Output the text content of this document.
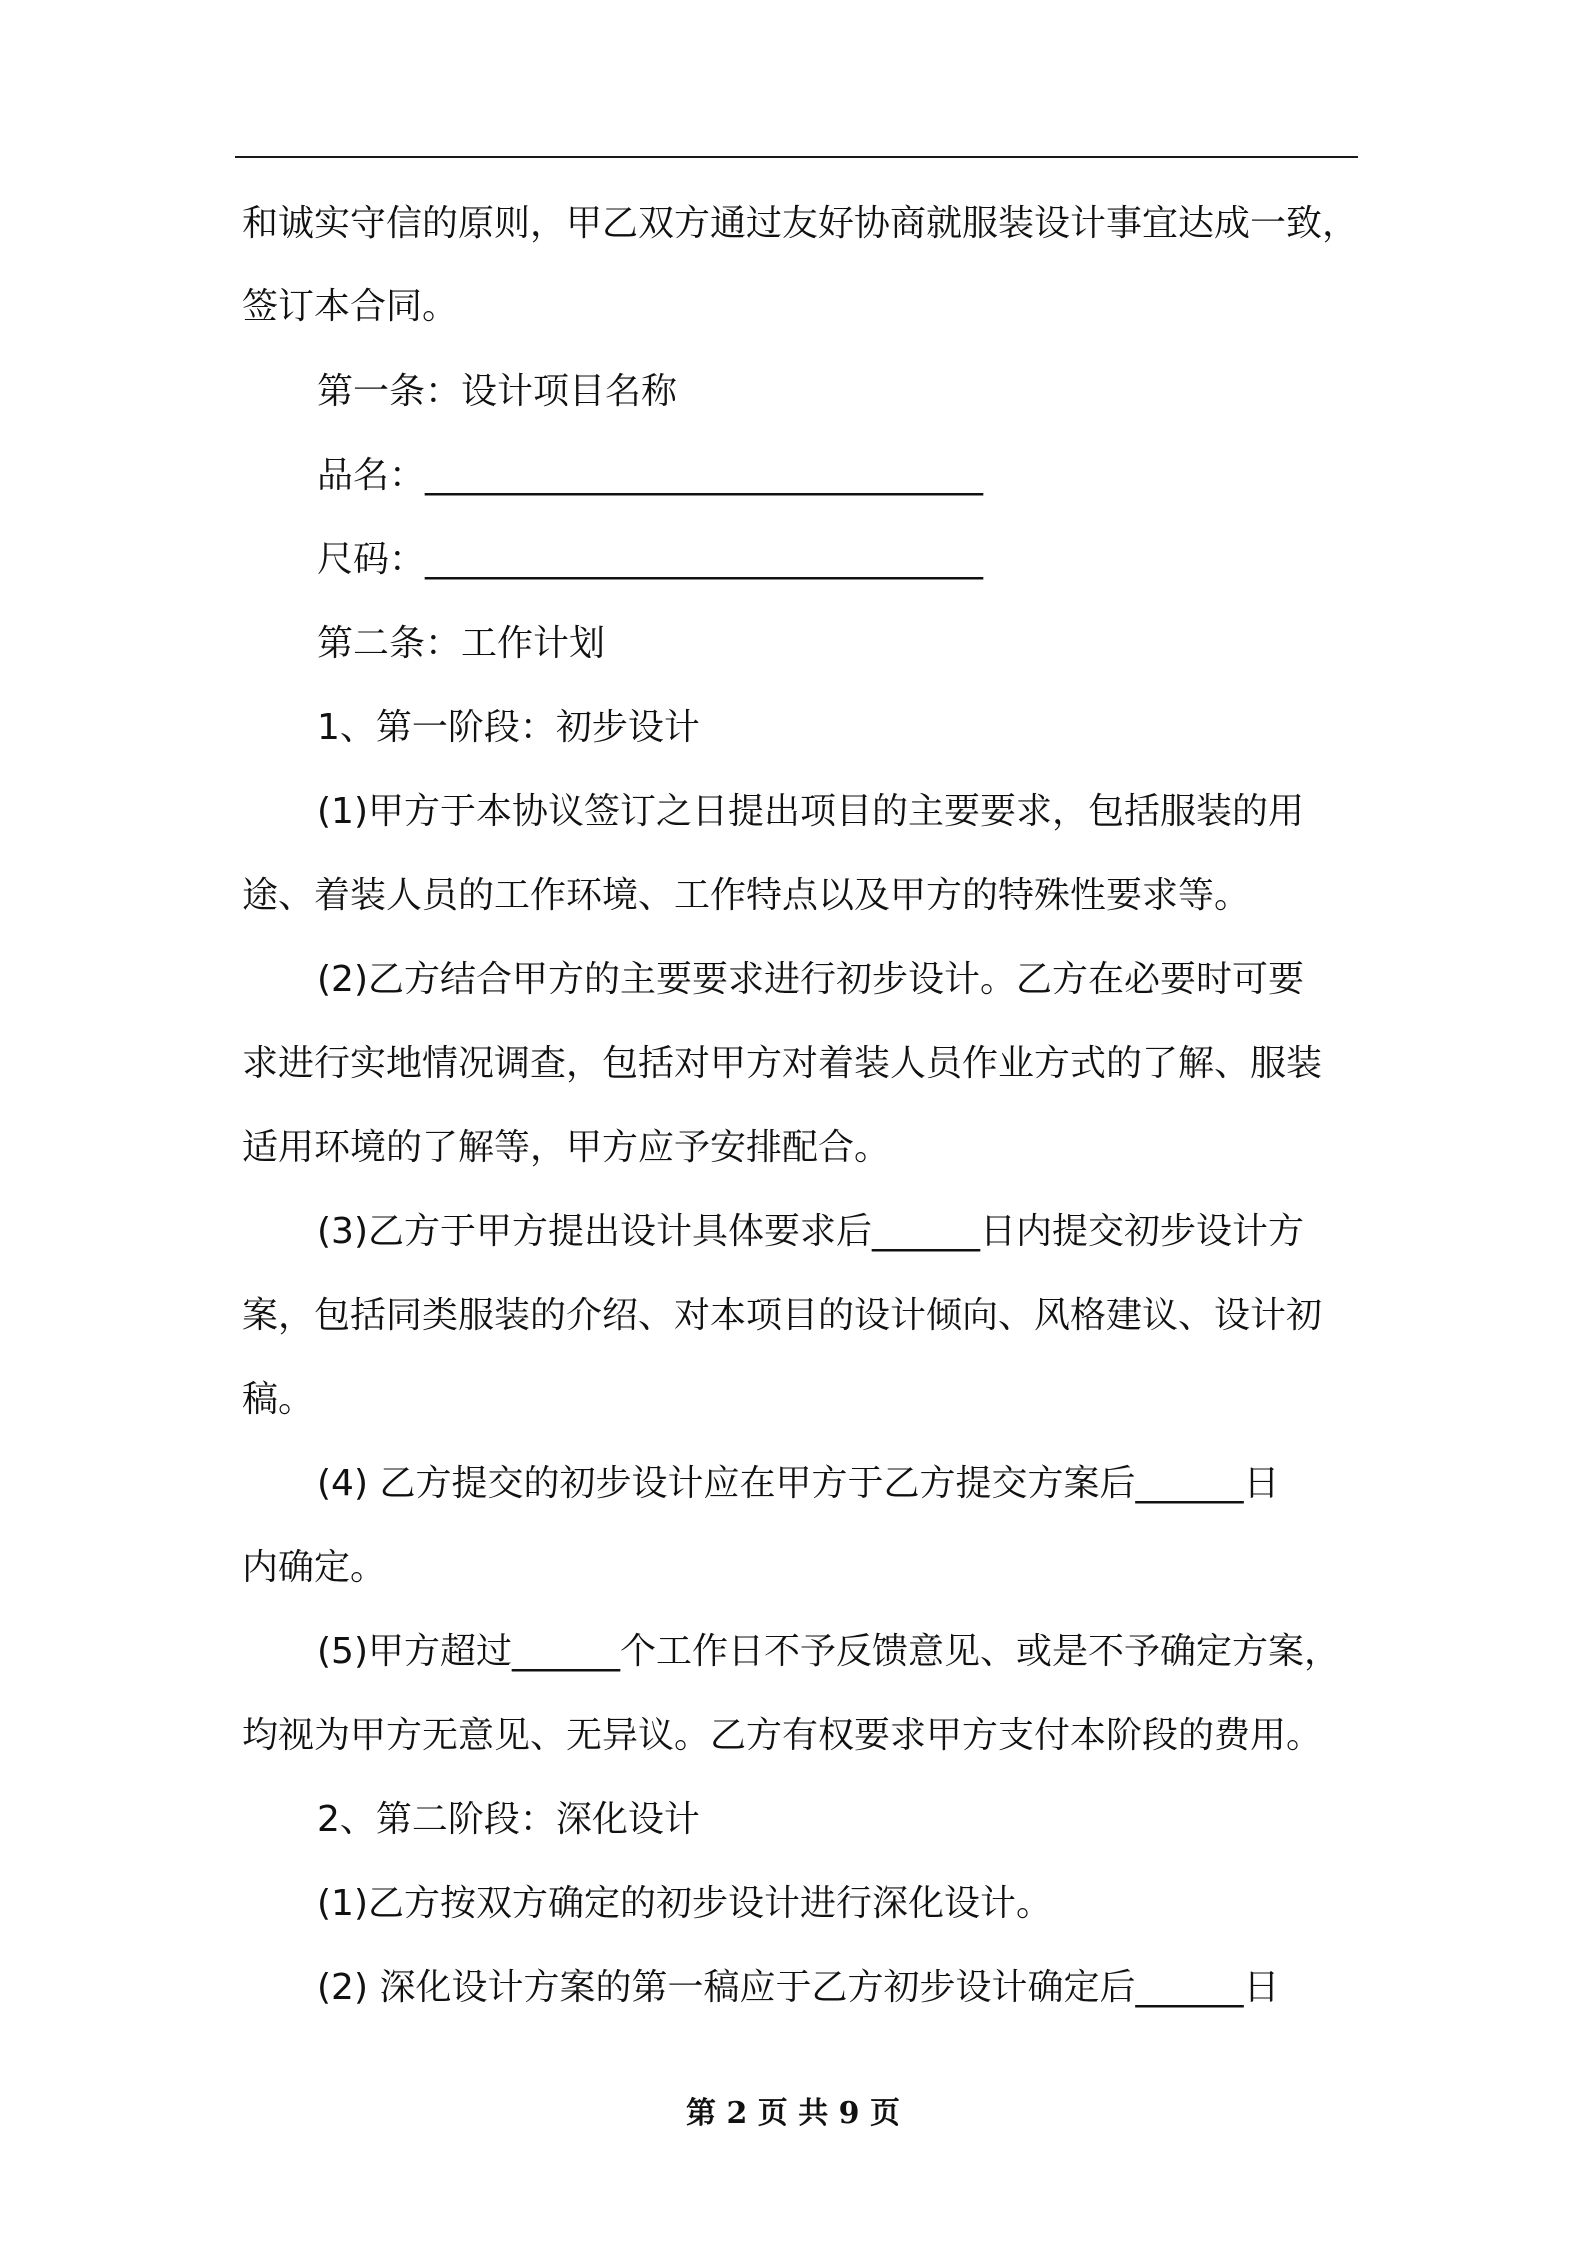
和诚实守信的原则，甲乙双方通过友好协商就服装设计事宜达成一致，
签订本合同。
第一条：设计项目名称
品名：_______________________________
尺码：_______________________________
第二条：工作计划
1、第一阶段：初步设计
(1)甲方于本协议签订之日提出项目的主要要求，包括服装的用
途、着装人员的工作环境、工作特点以及甲方的特殊性要求等。
(2)乙方结合甲方的主要要求进行初步设计。乙方在必要时可要
求进行实地情况调查，包括对甲方对着装人员作业方式的了解、服装
适用环境的了解等，甲方应予安排配合。
(3)乙方于甲方提出设计具体要求后______日内提交初步设计方
案，包括同类服装的介绍、对本项目的设计倾向、风格建议、设计初
稿。
(4) 乙方提交的初步设计应在甲方于乙方提交方案后______日
内确定。
(5)甲方超过______个工作日不予反馈意见、或是不予确定方案，
均视为甲方无意见、无异议。乙方有权要求甲方支付本阶段的费用。
2、第二阶段：深化设计
(1)乙方按双方确定的初步设计进行深化设计。
(2) 深化设计方案的第一稿应于乙方初步设计确定后______日
第 2 页 共 9 页
